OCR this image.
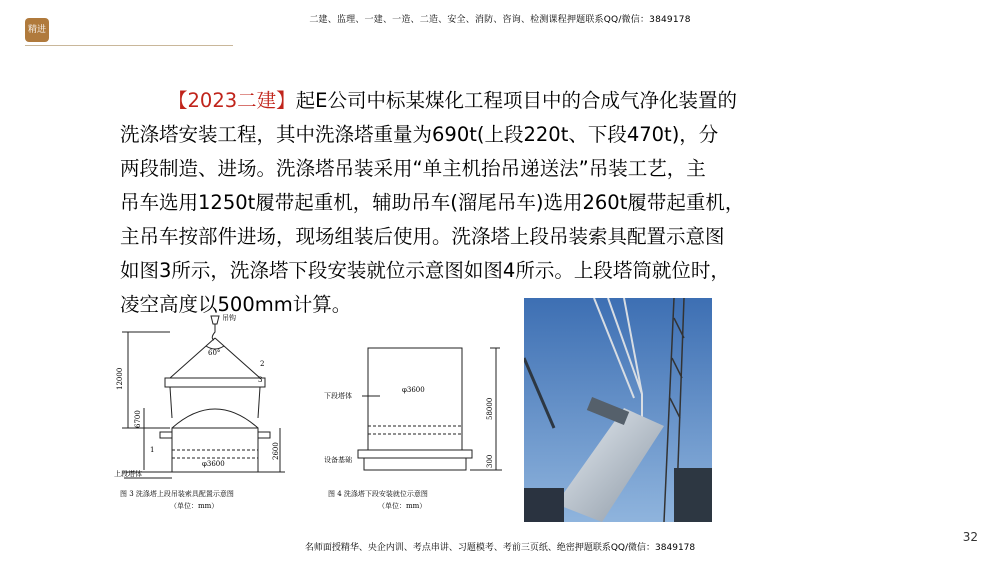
精进
二建、监理、一建、一造、二造、安全、消防、咨询、检测课程押题联系QQ/微信：3849178
【2023二建】起E公司中标某煤化工程项目中的合成气净化装置的
洗涤塔安装工程，其中洗涤塔重量为690t(上段220t、下段470t)，分
两段制造、进场。洗涤塔吊装采用“单主机抬吊递送法”吊装工艺，主
吊车选用1250t履带起重机，辅助吊车(溜尾吊车)选用260t履带起重机，
主吊车按部件进场，现场组装后使用。洗涤塔上段吊装索具配置示意图
如图3所示，洗涤塔下段安装就位示意图如图4所示。上段塔筒就位时，
凌空高度以500mm计算。
吊钩
60°
12000
6700
2600
φ3600
1
2
3
上段塔体
图 3 洗涤塔上段吊装索具配置示意图
（单位：mm）
下段塔体
φ3600
58000
300
设备基础
图 4 洗涤塔下段安装就位示意图
（单位：mm）
名师面授精华、央企内训、考点串讲、习题模考、考前三页纸、绝密押题联系QQ/微信：3849178
32
